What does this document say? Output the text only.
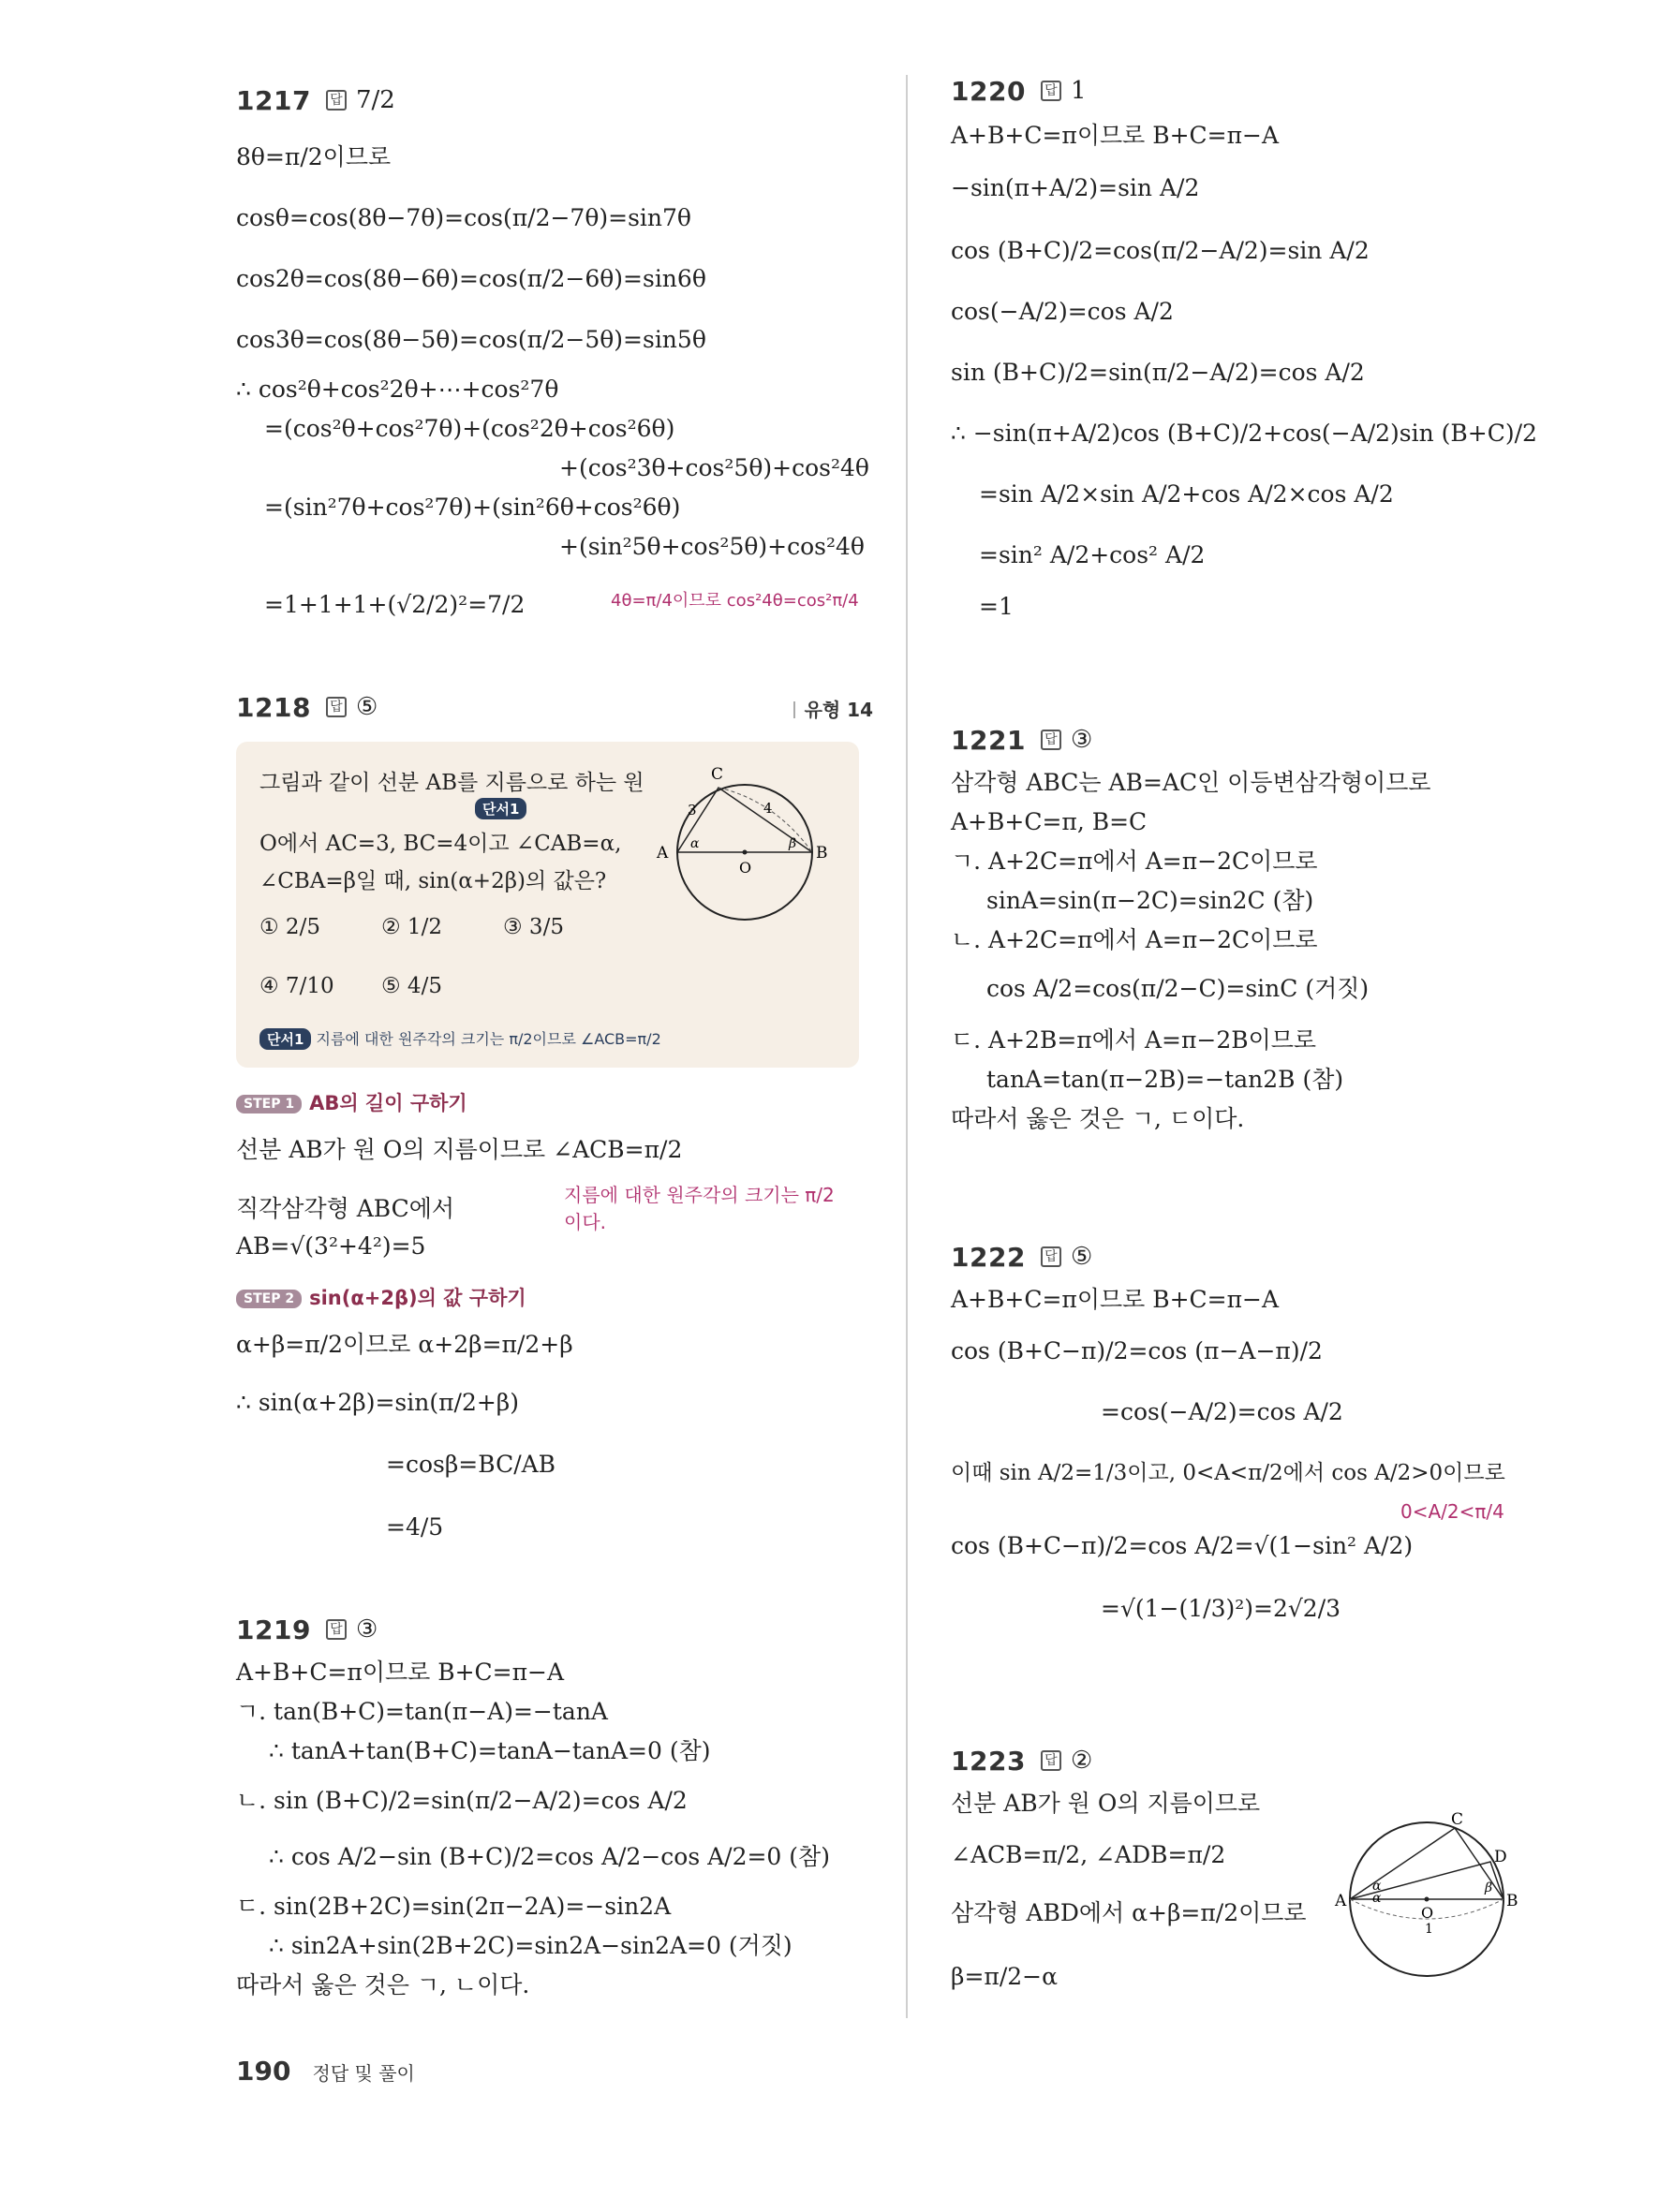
1217	답 7/2
8θ=π/2이므로
cosθ=cos(8θ−7θ)=cos(π/2−7θ)=sin7θ
cos2θ=cos(8θ−6θ)=cos(π/2−6θ)=sin6θ
cos3θ=cos(8θ−5θ)=cos(π/2−5θ)=sin5θ
∴ cos²θ+cos²2θ+⋯+cos²7θ
=(cos²θ+cos²7θ)+(cos²2θ+cos²6θ)
+(cos²3θ+cos²5θ)+cos²4θ
=(sin²7θ+cos²7θ)+(sin²6θ+cos²6θ)
+(sin²5θ+cos²5θ)+cos²4θ
=1+1+1+(√2/2)²=7/2	4θ=π/4이므로 cos²4θ=cos²π/4
1218	답 ⑤	유형 14
그림과 같이 선분 AB를 지름으로 하는 원
단서1
O에서 AC=3, BC=4이고 ∠CAB=α,
∠CBA=β일 때, sin(α+2β)의 값은?
① 2/5	② 1/2	③ 3/5
④ 7/10 ⑤ 4/5
단서1 지름에 대한 원주각의 크기는 π/2이므로 ∠ACB=π/2
C
A	B
O
3	4
α	β
STEP 1 AB의 길이 구하기
선분 AB가 원 O의 지름이므로 ∠ACB=π/2
직각삼각형 ABC에서
AB=√(3²+4²)=5
지름에 대한 원주각의 크기는 π/2이다.
STEP 2 sin(α+2β)의 값 구하기
α+β=π/2이므로 α+2β=π/2+β
∴ sin(α+2β)=sin(π/2+β)
=cosβ=BC/AB
=4/5
1219	답 ③
A+B+C=π이므로 B+C=π−A
ㄱ. tan(B+C)=tan(π−A)=−tanA
∴ tanA+tan(B+C)=tanA−tanA=0 (참)
ㄴ. sin (B+C)/2=sin(π/2−A/2)=cos A/2
∴ cos A/2−sin (B+C)/2=cos A/2−cos A/2=0 (참)
ㄷ. sin(2B+2C)=sin(2π−2A)=−sin2A
∴ sin2A+sin(2B+2C)=sin2A−sin2A=0 (거짓)
따라서 옳은 것은 ㄱ, ㄴ이다.
1220	답 1
A+B+C=π이므로 B+C=π−A
−sin(π+A/2)=sin A/2
cos (B+C)/2=cos(π/2−A/2)=sin A/2
cos(−A/2)=cos A/2
sin (B+C)/2=sin(π/2−A/2)=cos A/2
∴ −sin(π+A/2)cos (B+C)/2+cos(−A/2)sin (B+C)/2
=sin A/2×sin A/2+cos A/2×cos A/2
=sin² A/2+cos² A/2
=1
1221	답 ③
삼각형 ABC는 AB=AC인 이등변삼각형이므로
A+B+C=π, B=C
ㄱ. A+2C=π에서 A=π−2C이므로
sinA=sin(π−2C)=sin2C (참)
ㄴ. A+2C=π에서 A=π−2C이므로
cos A/2=cos(π/2−C)=sinC (거짓)
ㄷ. A+2B=π에서 A=π−2B이므로
tanA=tan(π−2B)=−tan2B (참)
따라서 옳은 것은 ㄱ, ㄷ이다.
1222	답 ⑤
A+B+C=π이므로 B+C=π−A
cos (B+C−π)/2=cos (π−A−π)/2
=cos(−A/2)=cos A/2
이때 sin A/2=1/3이고, 0<A<π/2에서 cos A/2>0이므로
0<A/2<π/4
cos (B+C−π)/2=cos A/2=√(1−sin² A/2)
=√(1−(1/3)²)=2√2/3
1223	답 ②
선분 AB가 원 O의 지름이므로
∠ACB=π/2, ∠ADB=π/2
삼각형 ABD에서 α+β=π/2이므로
β=π/2−α
C
D
A	B
O
1
α
α
β
190 정답 및 풀이
